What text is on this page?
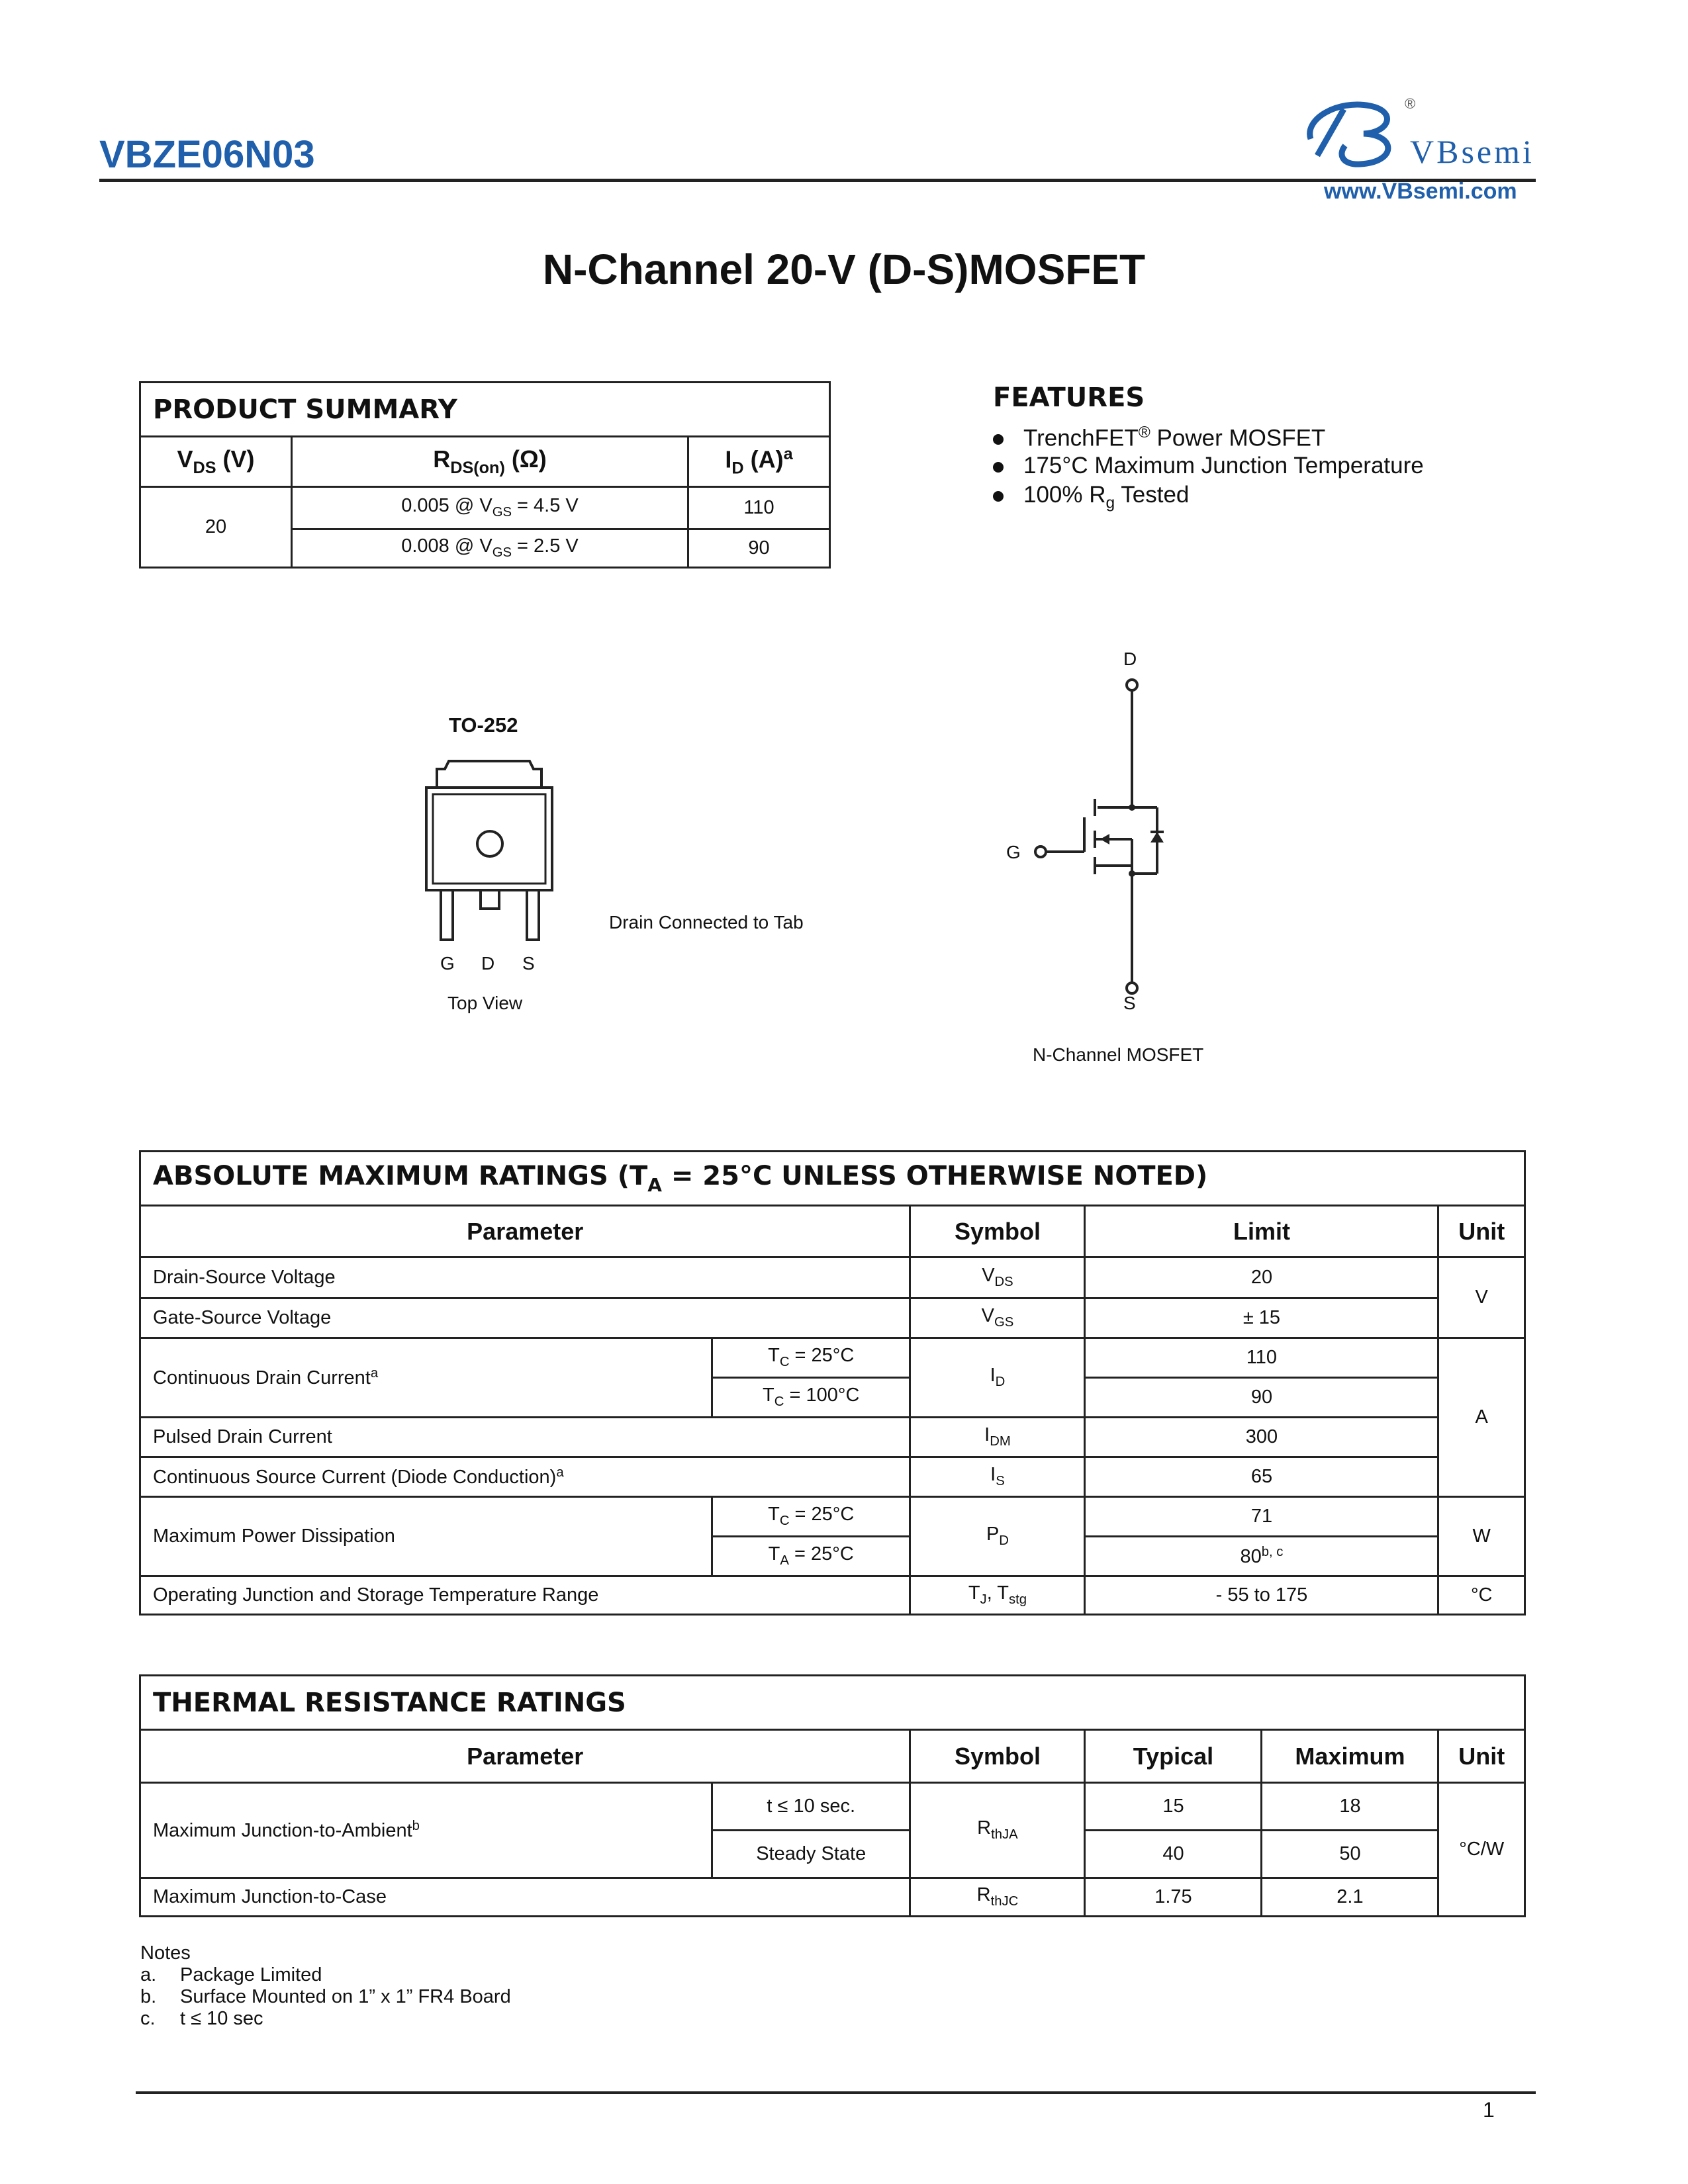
VBZE06N03
®
VBsemi
www.VBsemi.com
N-Channel 20-V (D-S)MOSFET
PRODUCT SUMMARY		
$V_{DS}$ (V)	$R_{DS(on)}$ (Ω)	$I_D$ $(A)^a$
20	0.005 @ $V_{GS} = 4.5$ V	110
	0.008 @ $V_{GS} = 2.5$ V	90
FEATURES
TrenchFET® Power MOSFET
175°C Maximum Junction Temperature
100% $R_g$ Tested
TO-252
G D S
Top View
Drain Connected to Tab
D
G
S
N-Channel MOSFET
ABSOLUTE MAXIMUM RATINGS ($T_A = 25^\circ C$ UNLESS OTHERWISE NOTED)				
Parameter		Symbol	Limit	Unit
Drain-Source Voltage		$V_{DS}$	20	V
Gate-Source Voltage		$V_{GS}$	± 15	
Continuous Drain Current$^a$	$T_C = 25^\circ C$	$I_D$	110	A
	$T_C = 100^\circ C$		90	
Pulsed Drain Current		$I_{DM}$	300	
Continuous Source Current (Diode Conduction)$^a$		$I_S$	65	
Maximum Power Dissipation	$T_C = 25^\circ C$	$P_D$	71	W
	$T_A = 25^\circ C$		80$^{b, c}$
Operating Junction and Storage Temperature Range		$T_J$, $T_{stg}$	- 55 to 175	°C
THERMAL RESISTANCE RATINGS					
Parameter		Symbol	Typical	Maximum	Unit
Maximum Junction-to-Ambient$^b$	t ≤ 10 sec.	$R_{thJA}$	15	18	°C/W
	Steady State		40	50	
Maximum Junction-to-Case		$R_{thJC}$	1.75	2.1	
Notes
a.	Package Limited
b.	Surface Mounted on 1” x 1” FR4 Board
c.	t ≤ 10 sec
1
